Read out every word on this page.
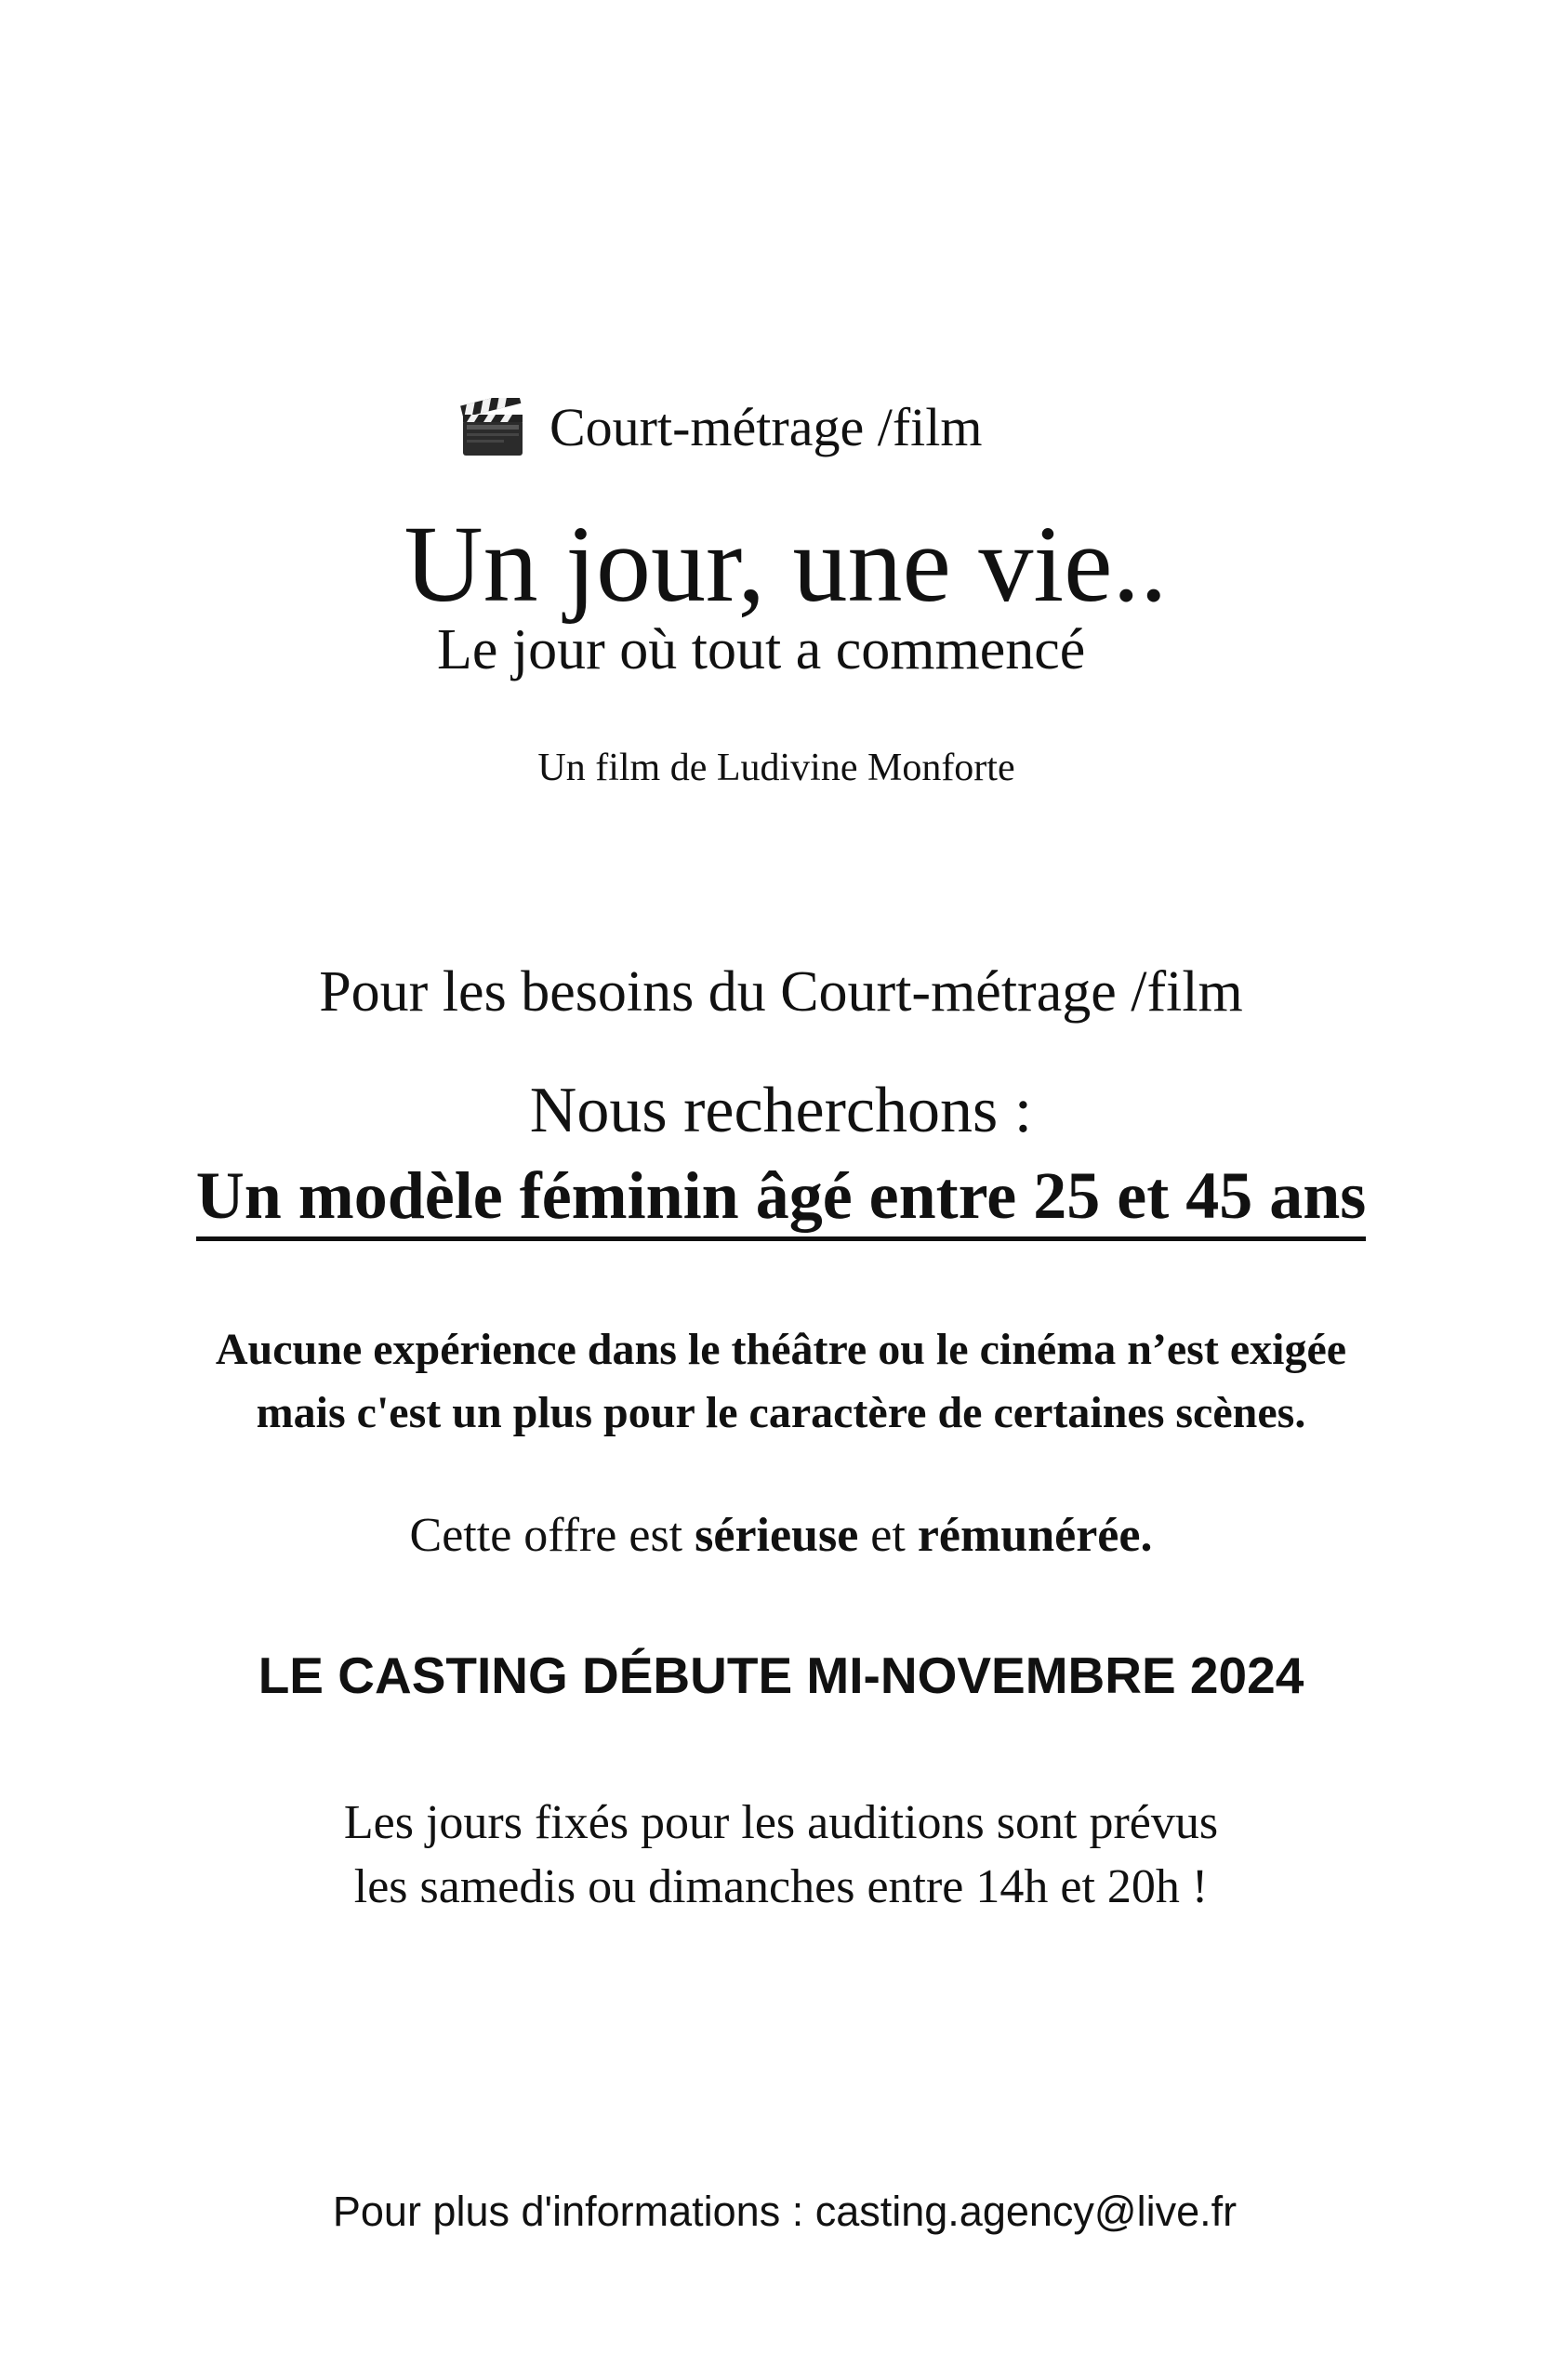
Court-métrage /film
Un jour, une vie..
Le jour où tout a commencé
Un film de Ludivine Monforte
Pour les besoins du Court-métrage /film
Nous recherchons :
Un modèle féminin âgé entre 25 et 45 ans
Aucune expérience dans le théâtre ou le cinéma n’est exigée
mais c'est un plus pour le caractère de certaines scènes.
Cette offre est sérieuse et rémunérée.
LE CASTING DÉBUTE MI-NOVEMBRE 2024
Les jours fixés pour les auditions sont prévus
les samedis ou dimanches entre 14h et 20h !
Pour plus d'informations : casting.agency@live.fr
